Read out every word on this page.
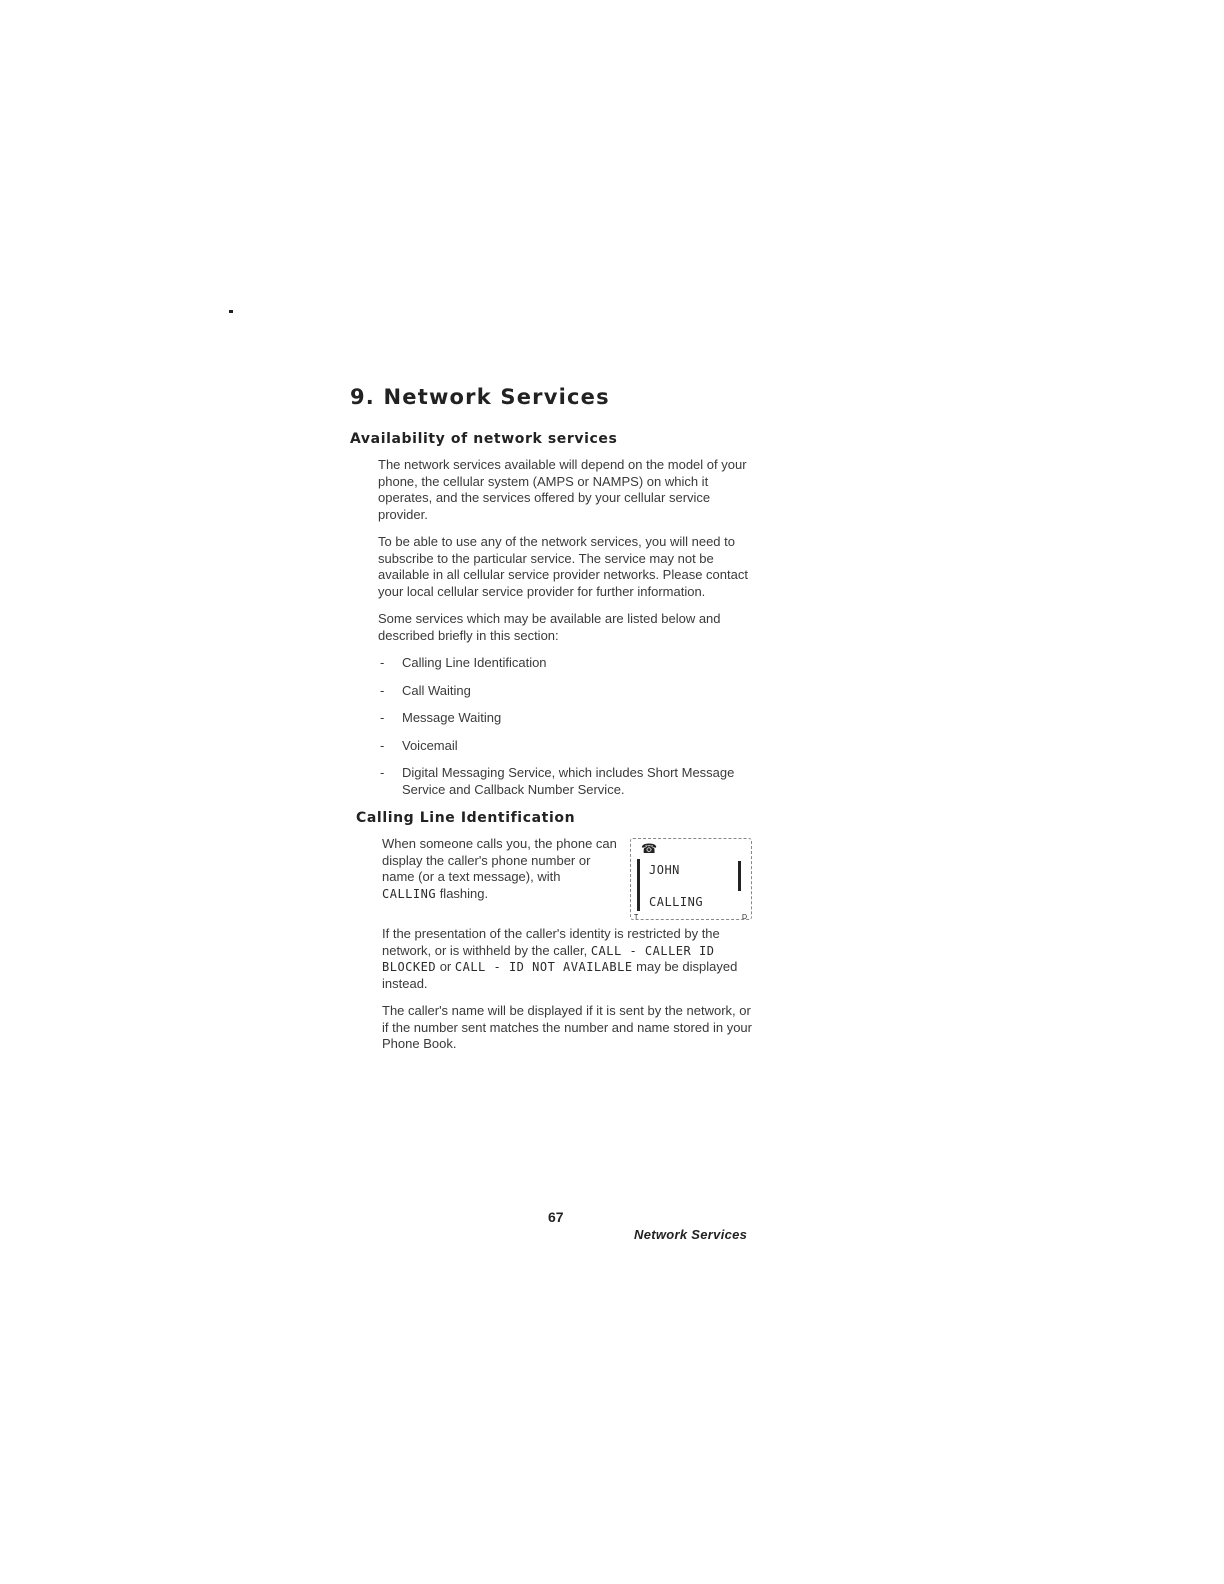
9. Network Services
Availability of network services

The network services available will depend on the model of your phone, the cellular system (AMPS or NAMPS) on which it operates, and the services offered by your cellular service provider.

To be able to use any of the network services, you will need to subscribe to the particular service. The service may not be available in all cellular service provider networks. Please contact your local cellular service provider for further information.

Some services which may be available are listed below and described briefly in this section:

- Calling Line Identification
- Call Waiting
- Message Waiting
- Voicemail
- Digital Messaging Service, which includes Short Message Service and Callback Number Service.
Calling Line Identification

When someone calls you, the phone can display the caller's phone number or name (or a text message), with CALLING flashing.

☎
JOHN
CALLING
T	D

If the presentation of the caller's identity is restricted by the network, or is withheld by the caller, CALL - CALLER ID BLOCKED or CALL - ID NOT AVAILABLE may be displayed instead.

The caller's name will be displayed if it is sent by the network, or if the number sent matches the number and name stored in your Phone Book.

67
Network Services
